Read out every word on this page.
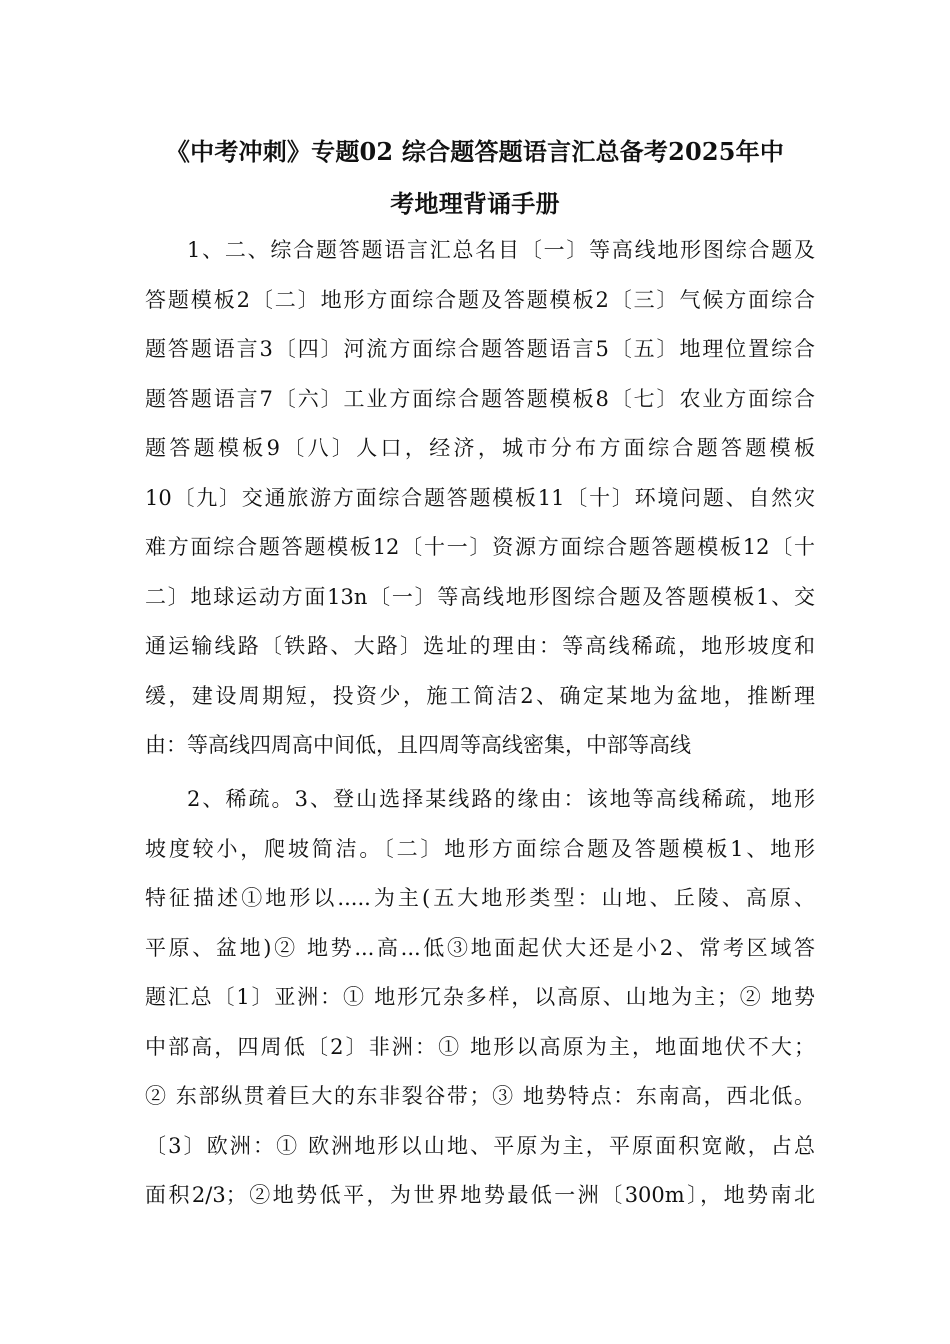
《中考冲刺》专题02 综合题答题语言汇总备考2025年中
考地理背诵手册
1、二、综合题答题语言汇总名目〔一〕等高线地形图综合题及
答题模板2〔二〕地形方面综合题及答题模板2〔三〕气候方面综合
题答题语言3〔四〕河流方面综合题答题语言5〔五〕地理位置综合
题答题语言7〔六〕工业方面综合题答题模板8〔七〕农业方面综合
题答题模板9〔八〕人口，经济，城市分布方面综合题答题模板
10〔九〕交通旅游方面综合题答题模板11〔十〕环境问题、自然灾
难方面综合题答题模板12〔十一〕资源方面综合题答题模板12〔十
二〕地球运动方面13n〔一〕等高线地形图综合题及答题模板1、交
通运输线路〔铁路、大路〕选址的理由：等高线稀疏，地形坡度和
缓，建设周期短，投资少，施工简洁2、确定某地为盆地，推断理
由：等高线四周高中间低，且四周等高线密集，中部等高线
2、稀疏。3、登山选择某线路的缘由：该地等高线稀疏，地形
坡度较小，爬坡简洁。〔二〕地形方面综合题及答题模板1、地形
特征描述①地形以.....为主(五大地形类型：山地、丘陵、高原、
平原、盆地)② 地势...高...低③地面起伏大还是小2、常考区域答
题汇总〔1〕亚洲：① 地形冗杂多样，以高原、山地为主；② 地势
中部高，四周低〔2〕非洲：① 地形以高原为主，地面地伏不大；
② 东部纵贯着巨大的东非裂谷带；③ 地势特点：东南高，西北低。
〔3〕欧洲：① 欧洲地形以山地、平原为主，平原面积宽敞，占总
面积2/3；②地势低平，为世界地势最低一洲〔300m〕，地势南北
